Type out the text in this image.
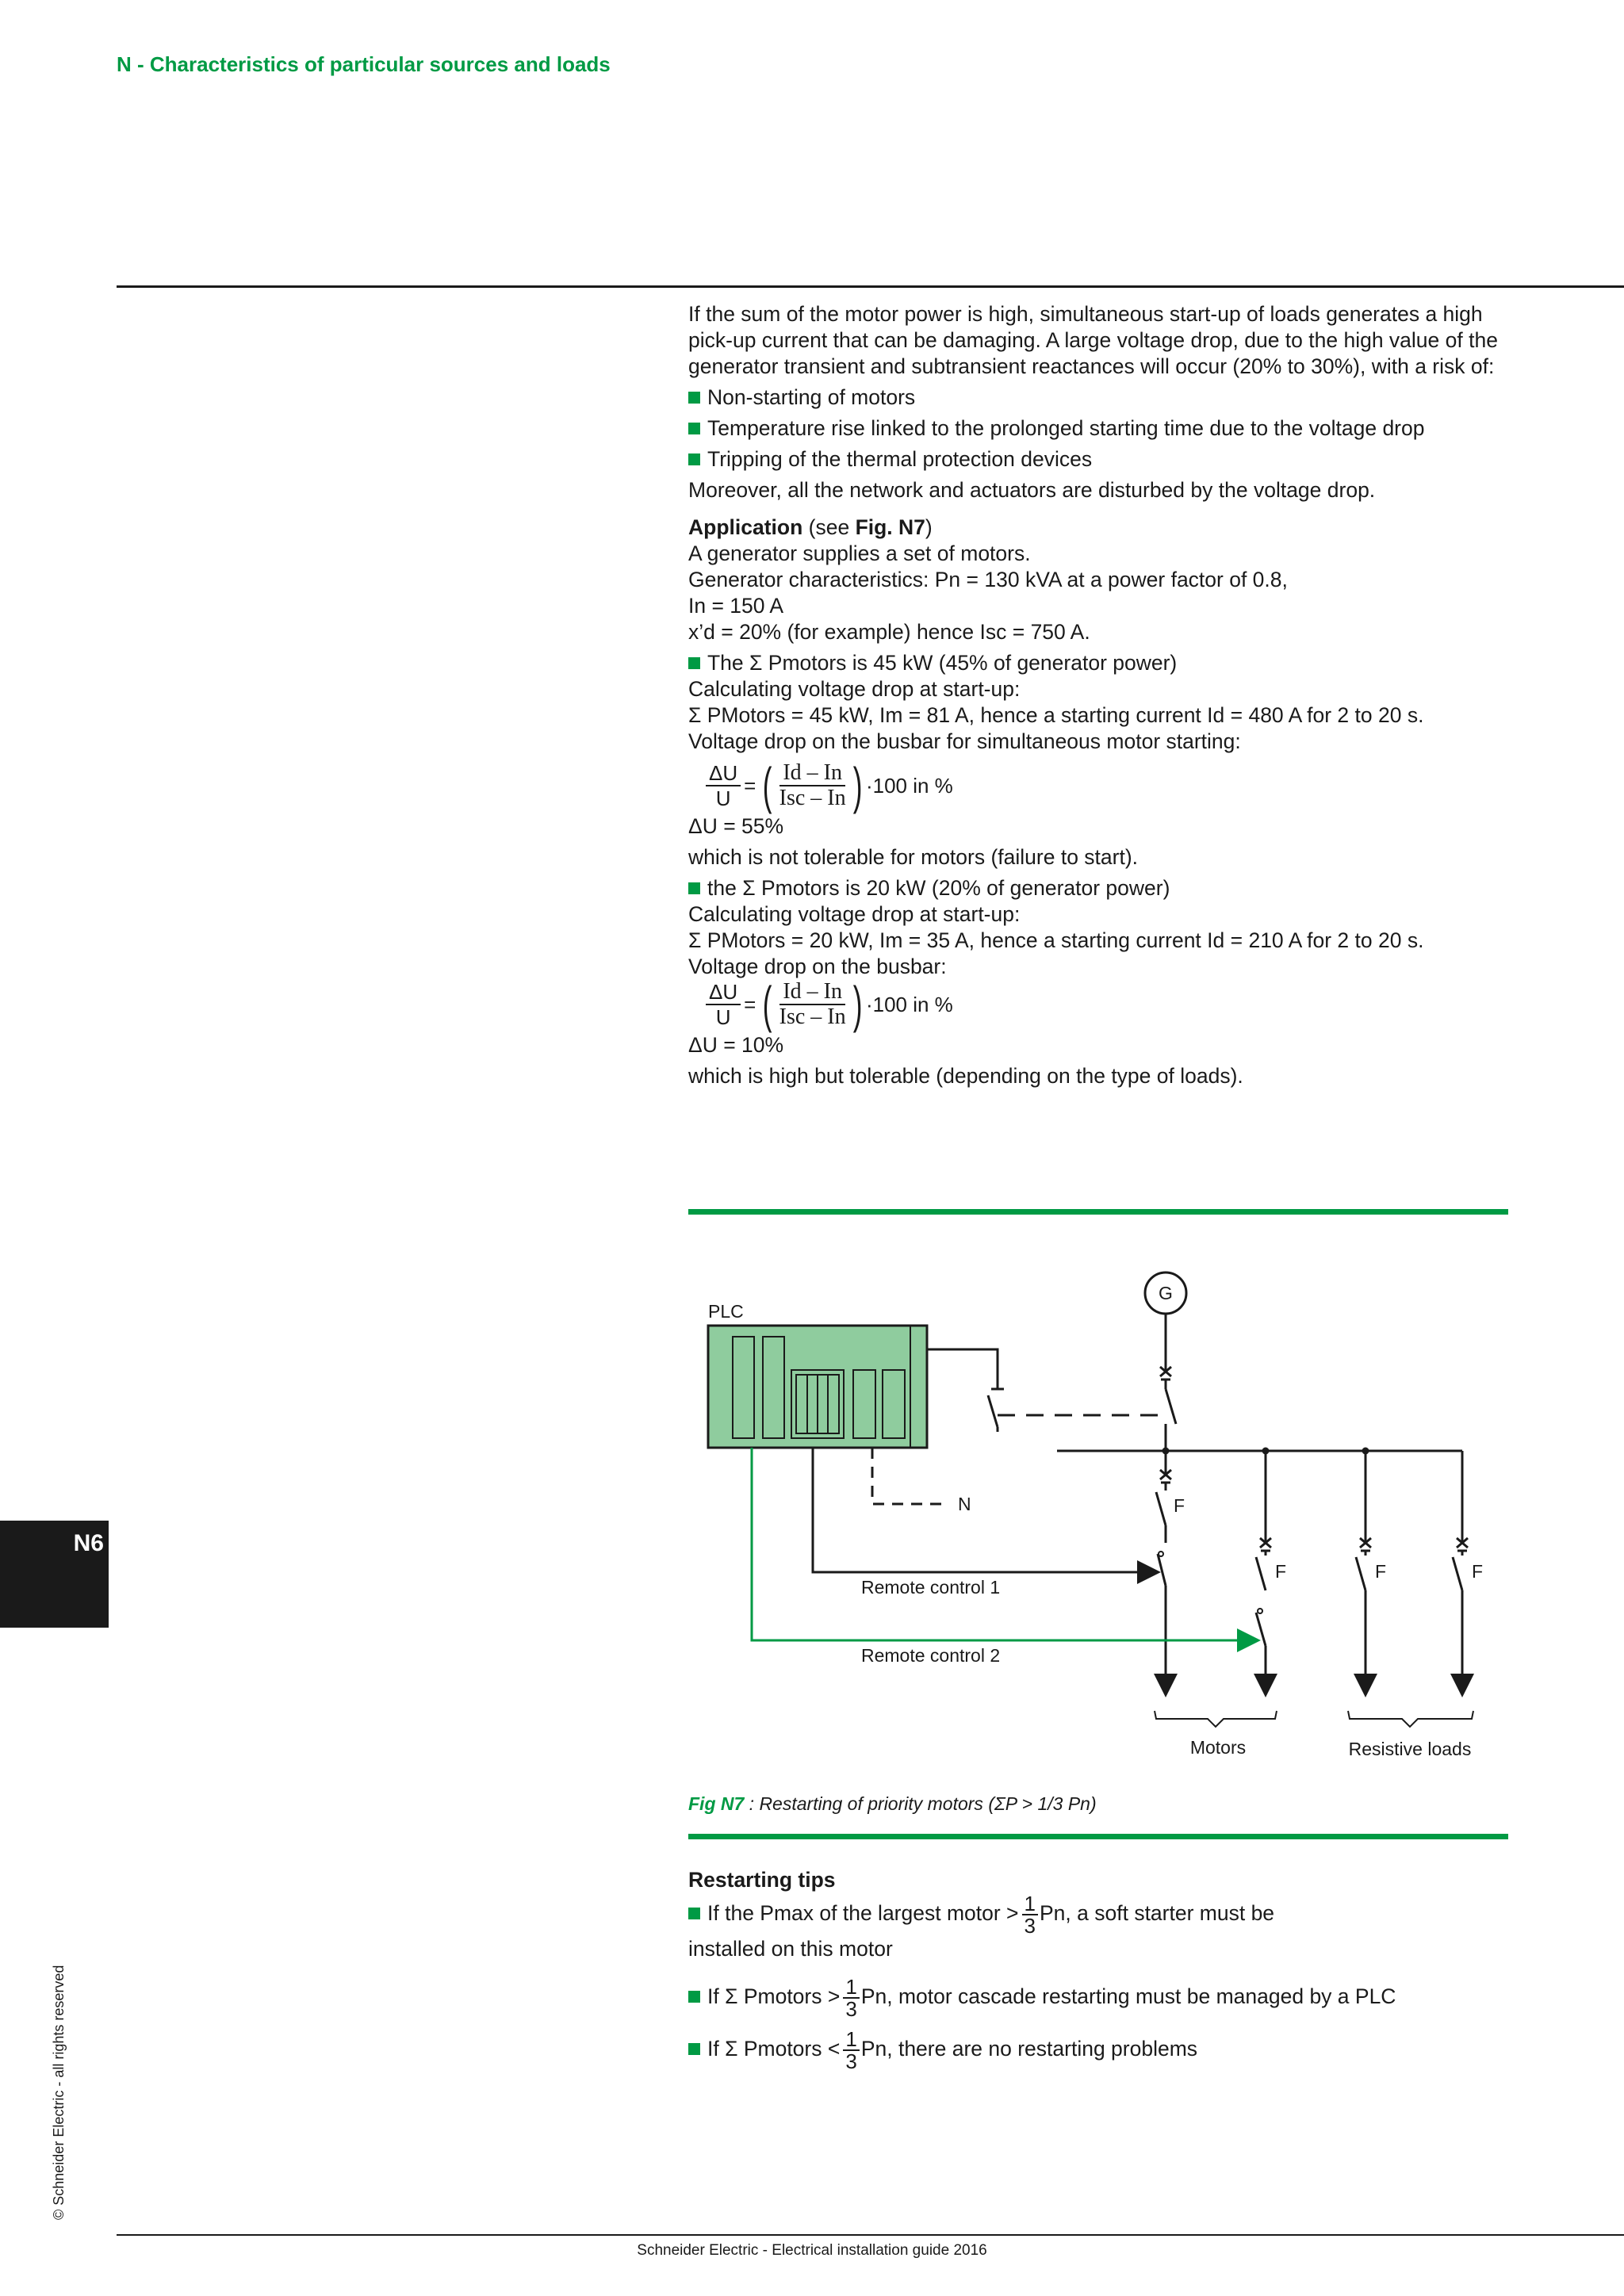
N - Characteristics of particular sources and loads
N6
© Schneider Electric - all rights reserved

If the sum of the motor power is high, simultaneous start-up of loads generates a high pick-up current that can be damaging. A large voltage drop, due to the high value of the generator transient and subtransient reactances will occur (20% to 30%), with a risk of:

Non-starting of motors

Temperature rise linked to the prolonged starting time due to the voltage drop

Tripping of the thermal protection devices

Moreover, all the network and actuators are disturbed by the voltage drop.

Application (see Fig. N7)

A generator supplies a set of motors.

Generator characteristics: Pn = 130 kVA at a power factor of 0.8,

In = 150 A

x’d = 20% (for example) hence Isc = 750 A.

The Σ Pmotors is 45 kW (45% of generator power)

Calculating voltage drop at start-up:

Σ PMotors = 45 kW, Im = 81 A, hence a starting current Id = 480 A for 2 to 20 s.

Voltage drop on the busbar for simultaneous motor starting:

$\frac{\Delta U}{U}$ = ( $\frac{Id - In}{\text{Isc – In}}$ ) ·100 in %

ΔU = 55%

which is not tolerable for motors (failure to start).

the Σ Pmotors is 20 kW (20% of generator power)

Calculating voltage drop at start-up:

Σ PMotors = 20 kW, Im = 35 A, hence a starting current Id = 210 A for 2 to 20 s.

Voltage drop on the busbar:

$\frac{\Delta U}{U}$ = ( $\frac{Id - In}{\text{Isc – In}}$ ) ·100 in %

ΔU = 10%

which is high but tolerable (depending on the type of loads).

PLC
N
G
F
F	F	F
Remote control 1
Remote control 2
Motors	Resistive loads
Fig N7 : Restarting of priority motors (ΣP > 1/3 Pn)

Restarting tips

If the Pmax of the largest motor > $\frac{1}{3} Pn$, a soft starter must be

installed on this motor

If Σ Pmotors > $\frac{1}{3} Pn$, motor cascade restarting must be managed by a PLC

If Σ Pmotors < $\frac{1}{3} Pn$, there are no restarting problems

Schneider Electric - Electrical installation guide 2016
